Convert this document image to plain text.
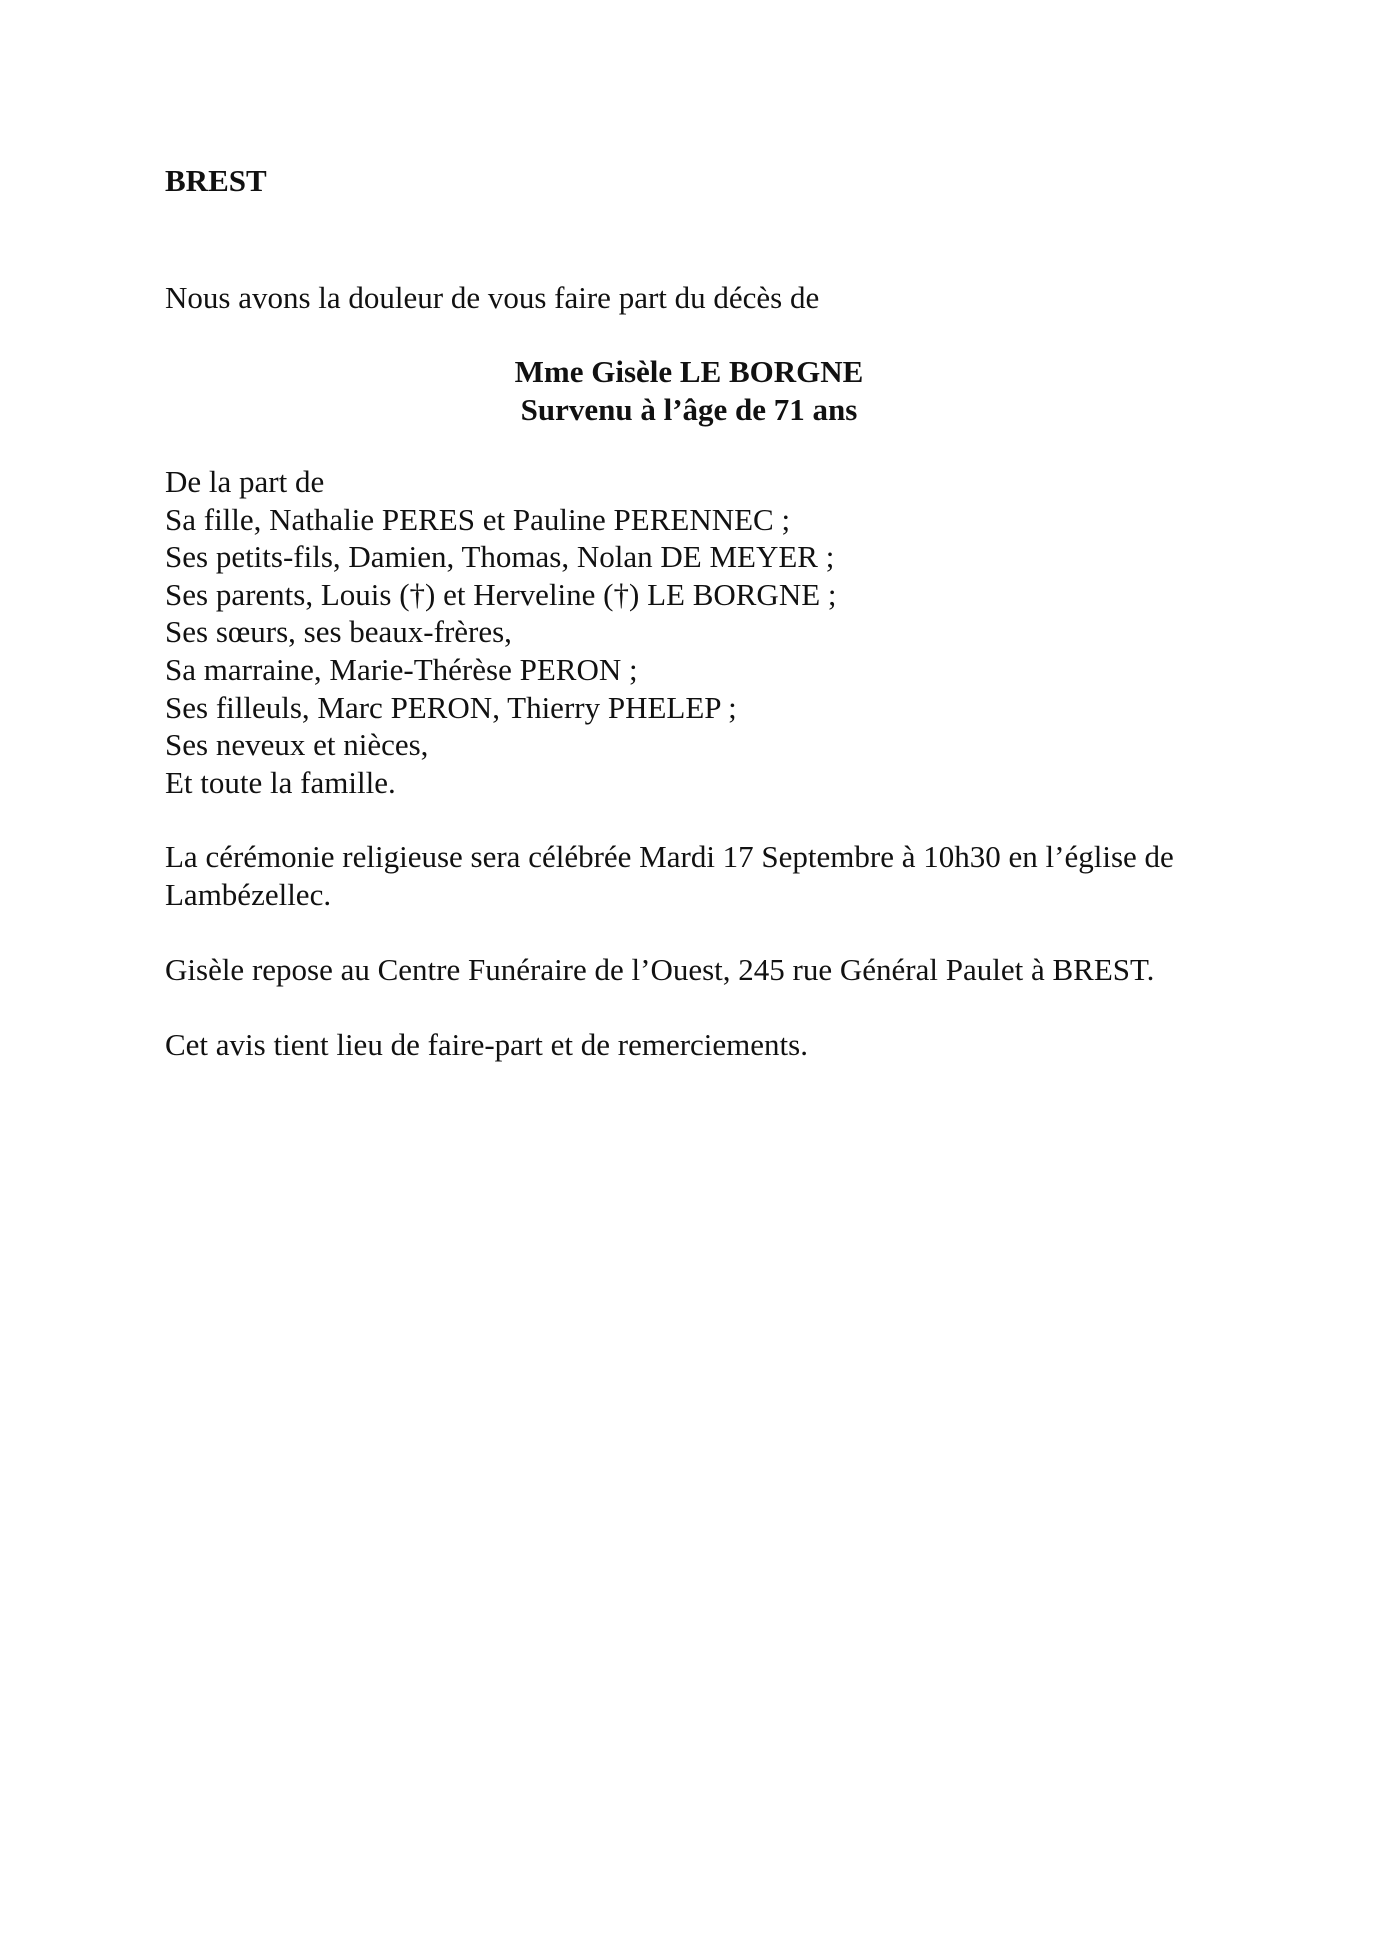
BREST

Nous avons la douleur de vous faire part du décès de

Mme Gisèle LE BORGNE
Survenu à l’âge de 71 ans
De la part de
Sa fille, Nathalie PERES et Pauline PERENNEC ;
Ses petits-fils, Damien, Thomas, Nolan DE MEYER ;
Ses parents, Louis (†) et Herveline (†) LE BORGNE ;
Ses sœurs, ses beaux-frères,
Sa marraine, Marie-Thérèse PERON ;
Ses filleuls, Marc PERON, Thierry PHELEP ;
Ses neveux et nièces,
Et toute la famille.

La cérémonie religieuse sera célébrée Mardi 17 Septembre à 10h30 en l’église de Lambézellec.

Gisèle repose au Centre Funéraire de l’Ouest, 245 rue Général Paulet à BREST.

Cet avis tient lieu de faire-part et de remerciements.
